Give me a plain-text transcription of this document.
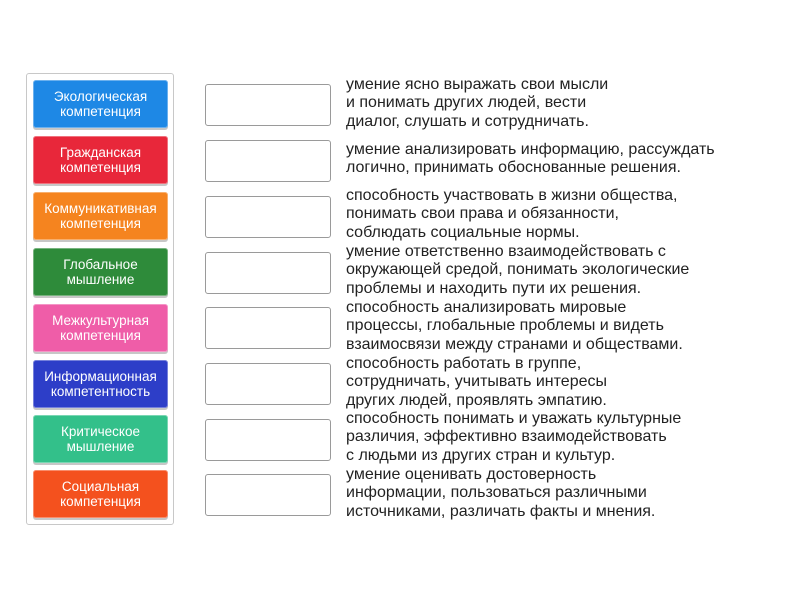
Экологическая компетенция
Гражданская компетенция
Коммуникативная компетенция
Глобальное мышление
Межкультурная компетенция
Информационная компетентность
Критическое мышление
Социальная компетенция
умение ясно выражать свои мысли
и понимать других людей, вести
диалог, слушать и сотрудничать.
умение анализировать информацию, рассуждать
логично, принимать обоснованные решения.
способность участвовать в жизни общества,
понимать свои права и обязанности,
соблюдать социальные нормы.
умение ответственно взаимодействовать с
окружающей средой, понимать экологические
проблемы и находить пути их решения.
способность анализировать мировые
процессы, глобальные проблемы и видеть
взаимосвязи между странами и обществами.
способность работать в группе,
сотрудничать, учитывать интересы
других людей, проявлять эмпатию.
способность понимать и уважать культурные
различия, эффективно взаимодействовать
с людьми из других стран и культур.
умение оценивать достоверность
информации, пользоваться различными
источниками, различать факты и мнения.
